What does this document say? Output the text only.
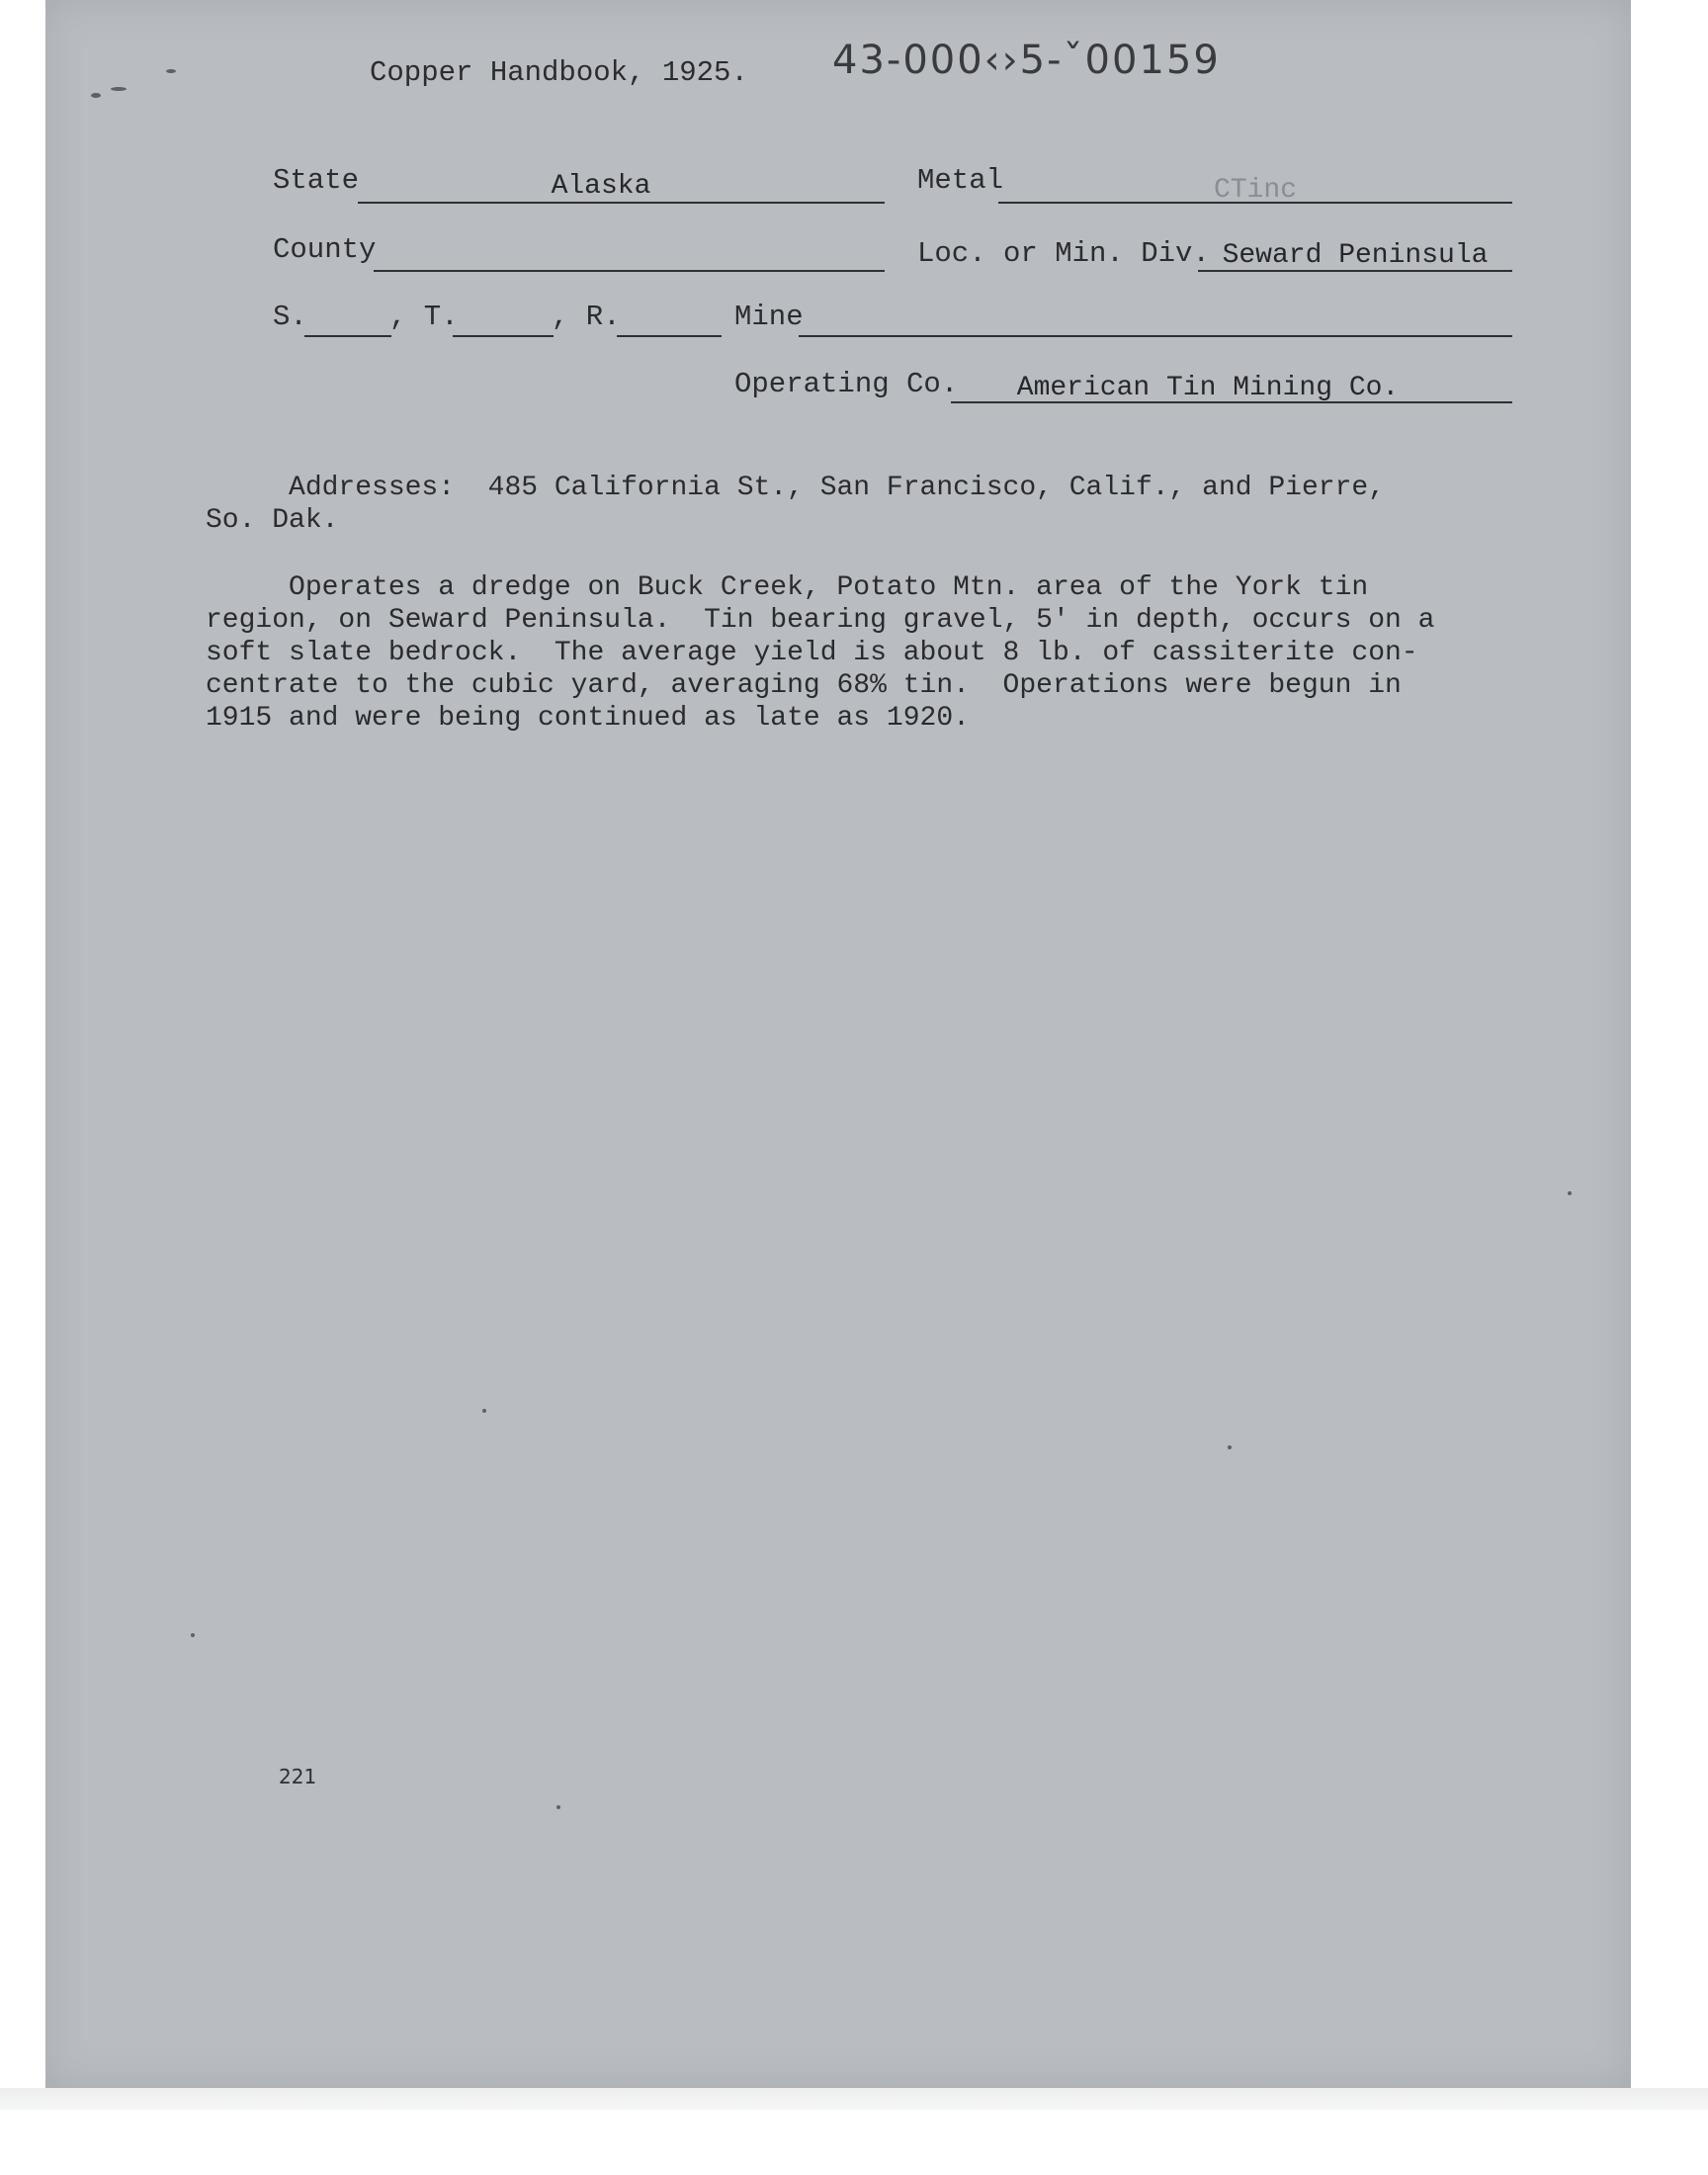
Copper Handbook, 1925. 43-000‹›5-ˇ00159
State	Alaska	Metal	CTinc
County	Loc. or Min. Div. Seward Peninsula
S.	, T.	, R.	Mine
Operating Co.	American Tin Mining Co.

Addresses:  485 California St., San Francisco, Calif., and Pierre,

So. Dak.

Operates a dredge on Buck Creek, Potato Mtn. area of the York tin

region, on Seward Peninsula.  Tin bearing gravel, 5' in depth, occurs on a

soft slate bedrock.  The average yield is about 8 lb. of cassiterite con-

centrate to the cubic yard, averaging 68% tin.  Operations were begun in

1915 and were being continued as late as 1920.

221
